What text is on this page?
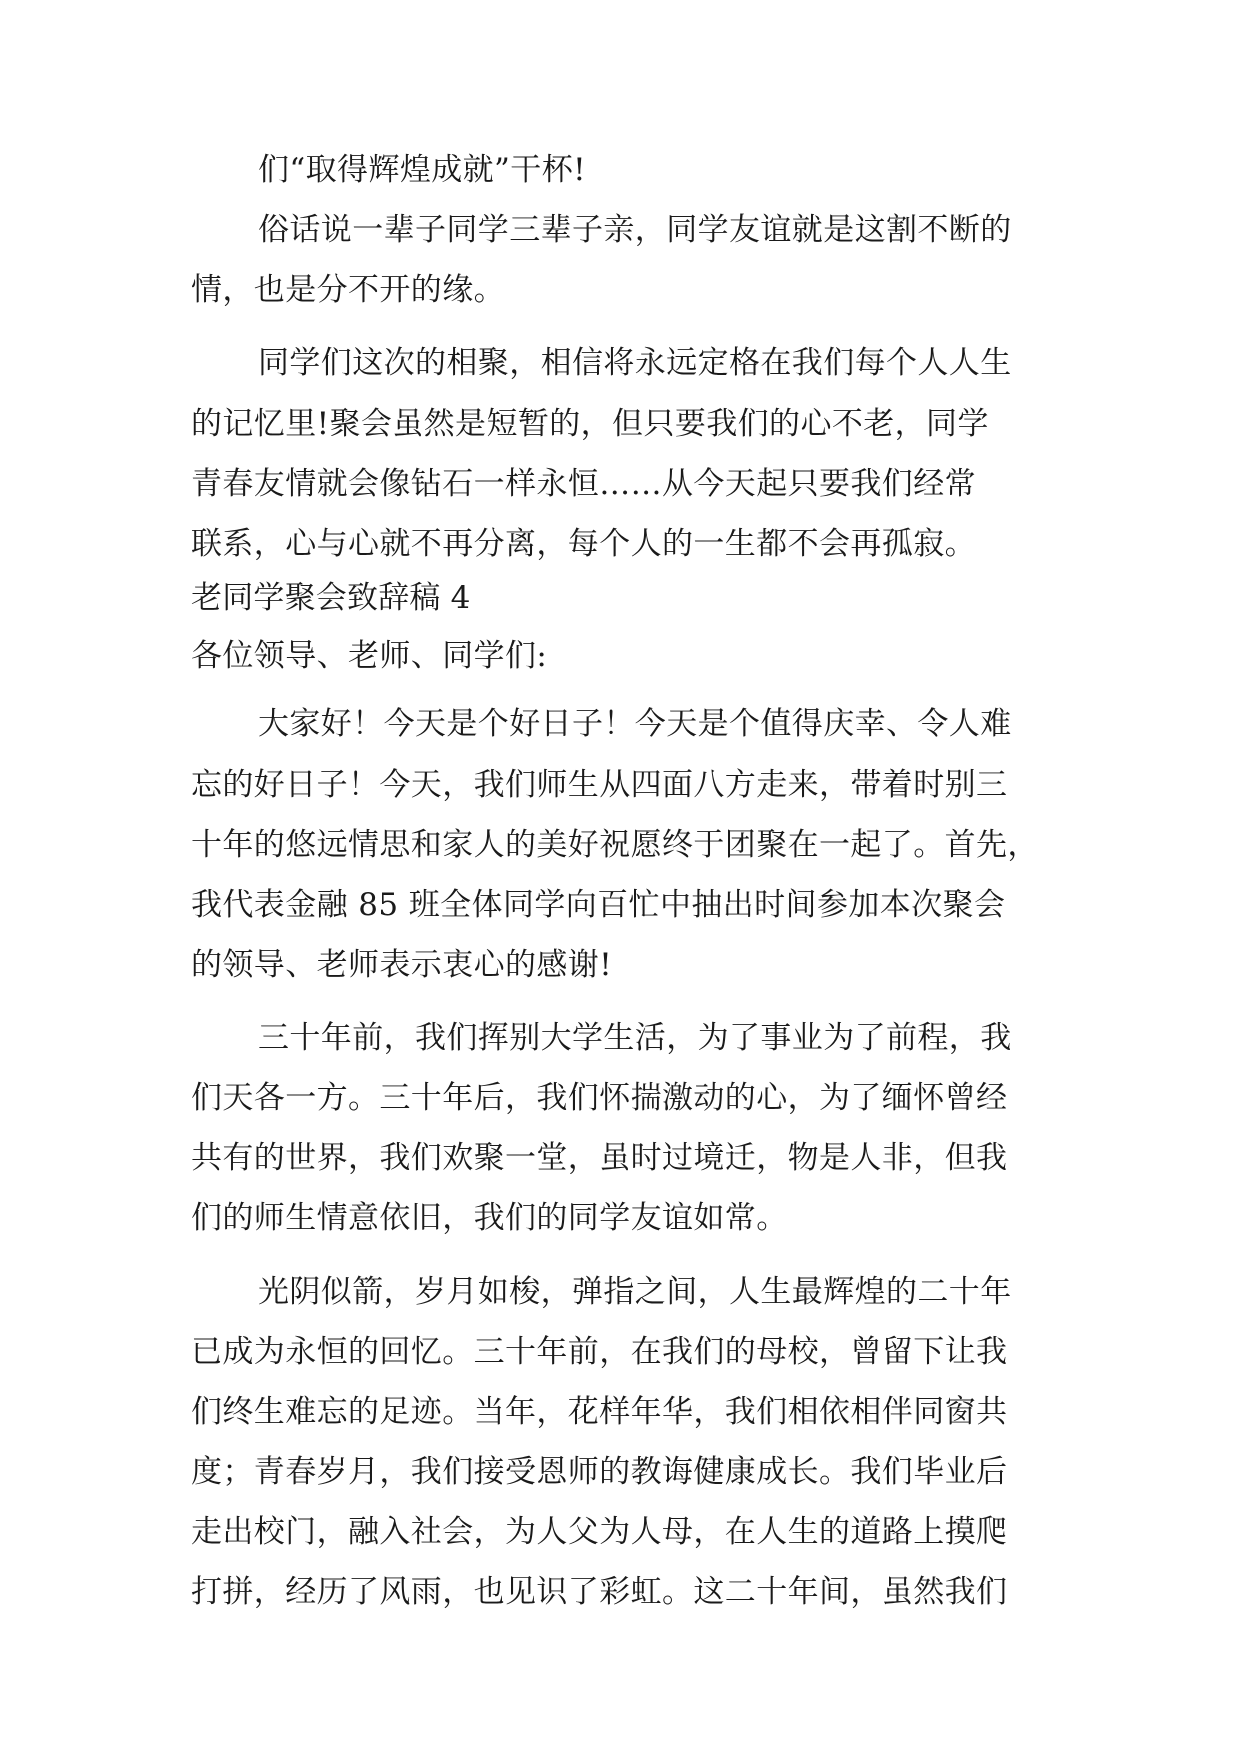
们“取得辉煌成就”干杯!
俗话说一辈子同学三辈子亲，同学友谊就是这割不断的
情，也是分不开的缘。
同学们这次的相聚，相信将永远定格在我们每个人人生
的记忆里!聚会虽然是短暂的，但只要我们的心不老，同学
青春友情就会像钻石一样永恒……从今天起只要我们经常
联系，心与心就不再分离，每个人的一生都不会再孤寂。
老同学聚会致辞稿 4
各位领导、老师、同学们:
大家好！今天是个好日子！今天是个值得庆幸、令人难
忘的好日子！今天，我们师生从四面八方走来，带着时别三
十年的悠远情思和家人的美好祝愿终于团聚在一起了。首先，
我代表金融 85 班全体同学向百忙中抽出时间参加本次聚会
的领导、老师表示衷心的感谢!
三十年前，我们挥别大学生活，为了事业为了前程，我
们天各一方。三十年后，我们怀揣激动的心，为了缅怀曾经
共有的世界，我们欢聚一堂，虽时过境迁，物是人非，但我
们的师生情意依旧，我们的同学友谊如常。
光阴似箭，岁月如梭，弹指之间，人生最辉煌的二十年
已成为永恒的回忆。三十年前，在我们的母校，曾留下让我
们终生难忘的足迹。当年，花样年华，我们相依相伴同窗共
度；青春岁月，我们接受恩师的教诲健康成长。我们毕业后
走出校门，融入社会，为人父为人母，在人生的道路上摸爬
打拼，经历了风雨，也见识了彩虹。这二十年间，虽然我们
